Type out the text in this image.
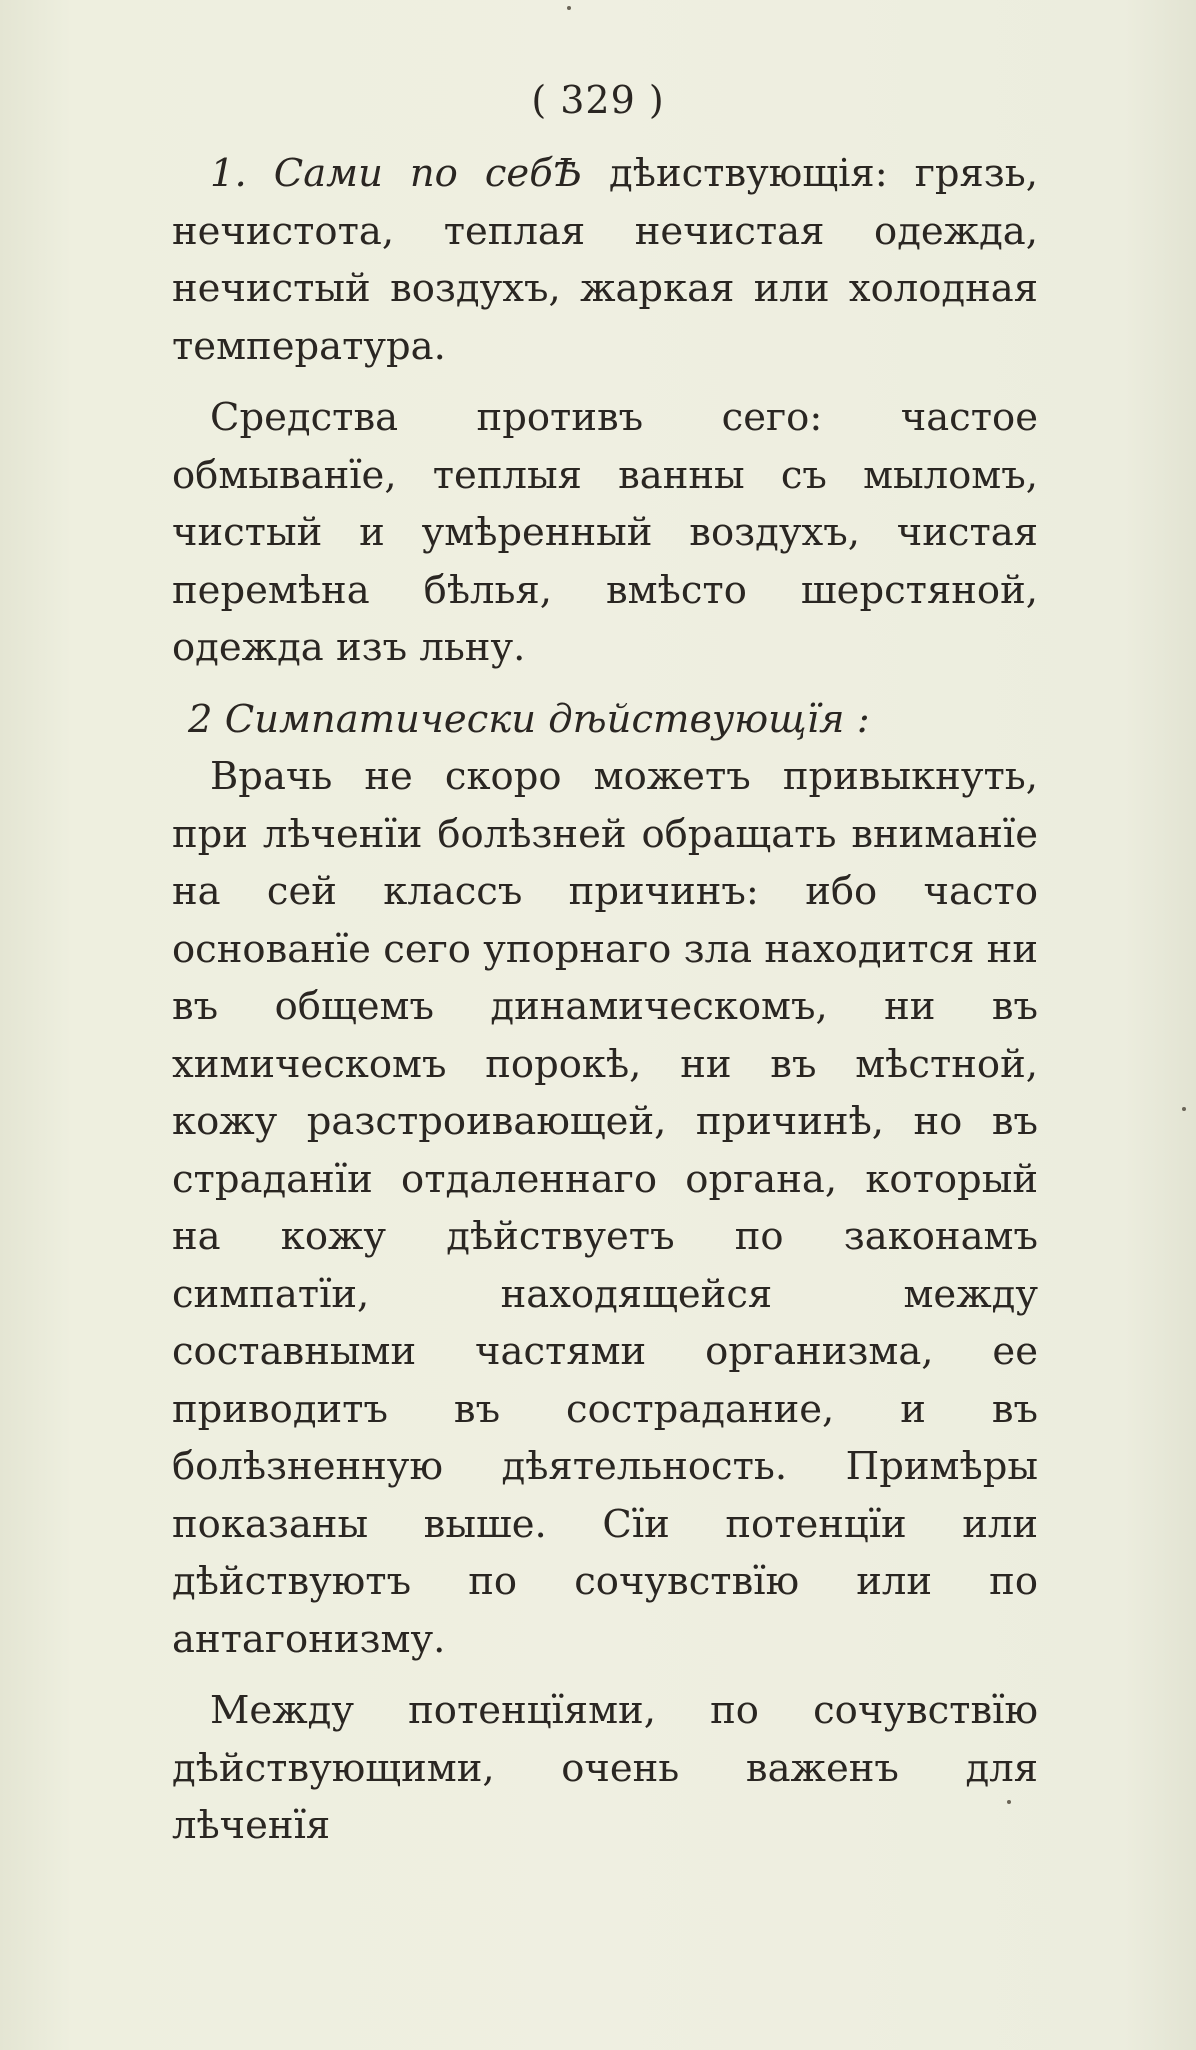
( 329 )

1. Сами по себѢ дѣиствующія: грязь, нечистота, теплая нечистая одежда, нечистый воздухъ, жаркая или холодная температура.

Средства противъ сего: частое обмыванїе, теплыя ванны съ мыломъ, чистый и умѣренный воздухъ, чистая перемѣна бѣлья, вмѣсто шерстяной, одежда изъ льну.

2 Симпатически дѣйствующїя :

Врачь не скоро можетъ привыкнуть, при лѣченїи болѣзней обращать вниманїе на сей классъ причинъ: ибо часто основанїе сего упорнаго зла находится ни въ общемъ динамическомъ, ни въ химическомъ порокѣ, ни въ мѣстной, кожу разстроивающей, причинѣ, но въ страданїи отдаленнаго органа, который на кожу дѣйствуетъ по законамъ симпатїи, находящейся между составными частями организма, ее приводитъ въ сострадание, и въ болѣзненную дѣятельность. Примѣры показаны выше. Сїи потенцїи или дѣйствуютъ по сочувствїю или по антагонизму.

Между потенцїями, по сочувствїю дѣйствующими, очень важенъ для лѣченїя
